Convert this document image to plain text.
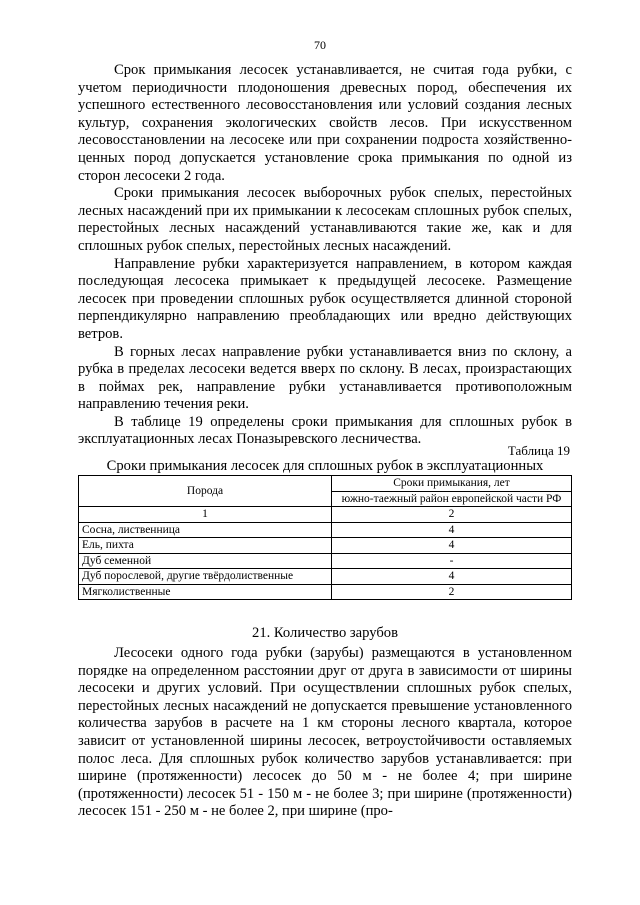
70

Срок примыкания лесосек устанавливается, не считая года рубки, с учетом периодичности плодоношения древесных пород, обеспечения их успешного естественного лесовосстановления или условий создания лесных культур, сохранения экологических свойств лесов. При искусственном лесовосстановлении на лесосеке или при сохранении подроста хозяйственно-ценных пород допускается установление срока примыкания по одной из сторон лесосеки 2 года.

Сроки примыкания лесосек выборочных рубок спелых, перестойных лесных насаждений при их примыкании к лесосекам сплошных рубок спелых, перестойных лесных насаждений устанавливаются такие же, как и для сплошных рубок спелых, перестойных лесных насаждений.

Направление рубки характеризуется направлением, в котором каждая последующая лесосека примыкает к предыдущей лесосеке. Размещение лесосек при проведении сплошных рубок осуществляется длинной стороной перпендикулярно направлению преобладающих или вредно действующих ветров.

В горных лесах направление рубки устанавливается вниз по склону, а рубка в пределах лесосеки ведется вверх по склону. В лесах, произрастающих в поймах рек, направление рубки устанавливается противоположным направлению течения реки.

В таблице 19 определены сроки примыкания для сплошных рубок в эксплуатационных лесах Поназыревского лесничества.

Таблица 19
Сроки примыкания лесосек для сплошных рубок в эксплуатационных
Порода	Сроки примыкания, лет
	южно-таежный район европейской части РФ
1	2
Сосна, лиственница	4
Ель, пихта	4
Дуб семенной	-
Дуб порослевой, другие твёрдолиственные	4
Мягколиственные	2
21. Количество зарубов

Лесосеки одного года рубки (зарубы) размещаются в установленном порядке на определенном расстоянии друг от друга в зависимости от ширины лесосеки и других условий. При осуществлении сплошных рубок спелых, перестойных лесных насаждений не допускается превышение установленного количества зарубов в расчете на 1 км стороны лесного квартала, которое зависит от установленной ширины лесосек, ветроустойчивости оставляемых полос леса. Для сплошных рубок количество зарубов устанавливается: при ширине (протяженности) лесосек до 50 м - не более 4; при ширине (протяженности) лесосек 51 - 150 м - не более 3; при ширине (протяженности) лесосек 151 - 250 м - не более 2, при ширине (про-
